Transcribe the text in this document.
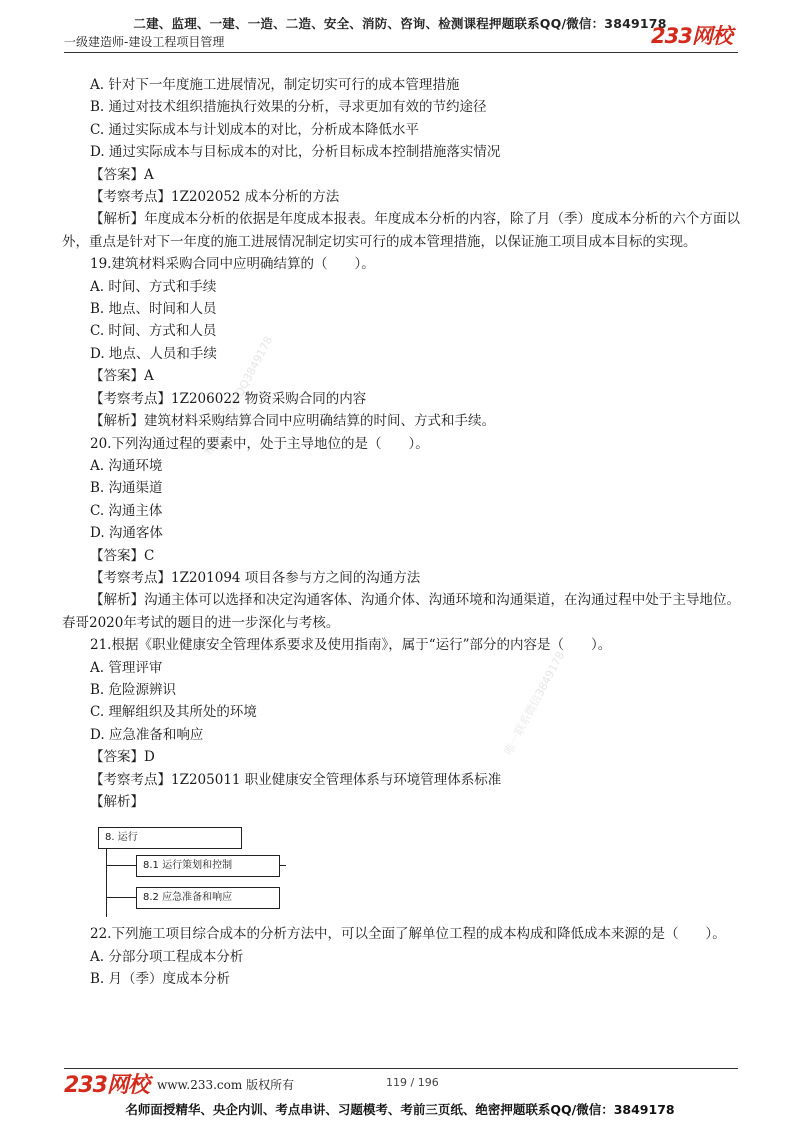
二建、监理、一建、一造、二造、安全、消防、咨询、检测课程押题联系QQ/微信：3849178
一级建造师-建设工程项目管理	233网校
精准押题联系QQ3849178
唯一联系微信3849178
A. 针对下一年度施工进展情况，制定切实可行的成本管理措施
B. 通过对技术组织措施执行效果的分析，寻求更加有效的节约途径
C. 通过实际成本与计划成本的对比，分析成本降低水平
D. 通过实际成本与目标成本的对比，分析目标成本控制措施落实情况
【答案】A
【考察考点】1Z202052 成本分析的方法
【解析】年度成本分析的依据是年度成本报表。年度成本分析的内容，除了月（季）度成本分析的六个方面以外，重点是针对下一年度的施工进展情况制定切实可行的成本管理措施，以保证施工项目成本目标的实现。
19.建筑材料采购合同中应明确结算的（　　）。
A. 时间、方式和手续
B. 地点、时间和人员
C. 时间、方式和人员
D. 地点、人员和手续
【答案】A
【考察考点】1Z206022 物资采购合同的内容
【解析】建筑材料采购结算合同中应明确结算的时间、方式和手续。
20.下列沟通过程的要素中，处于主导地位的是（　　）。
A. 沟通环境
B. 沟通渠道
C. 沟通主体
D. 沟通客体
【答案】C
【考察考点】1Z201094 项目各参与方之间的沟通方法
【解析】沟通主体可以选择和决定沟通客体、沟通介体、沟通环境和沟通渠道，在沟通过程中处于主导地位。春哥2020年考试的题目的进一步深化与考核。
21.根据《职业健康安全管理体系要求及使用指南》，属于“运行”部分的内容是（　　）。
A. 管理评审
B. 危险源辨识
C. 理解组织及其所处的环境
D. 应急准备和响应
【答案】D
【考察考点】1Z205011 职业健康安全管理体系与环境管理体系标准
【解析】
8. 运行
8.1 运行策划和控制
8.2 应急准备和响应
22.下列施工项目综合成本的分析方法中，可以全面了解单位工程的成本构成和降低成本来源的是（　　）。
A. 分部分项工程成本分析
B. 月（季）度成本分析
233网校 www.233.com 版权所有	119 / 196
名师面授精华、央企内训、考点串讲、习题模考、考前三页纸、绝密押题联系QQ/微信：3849178
